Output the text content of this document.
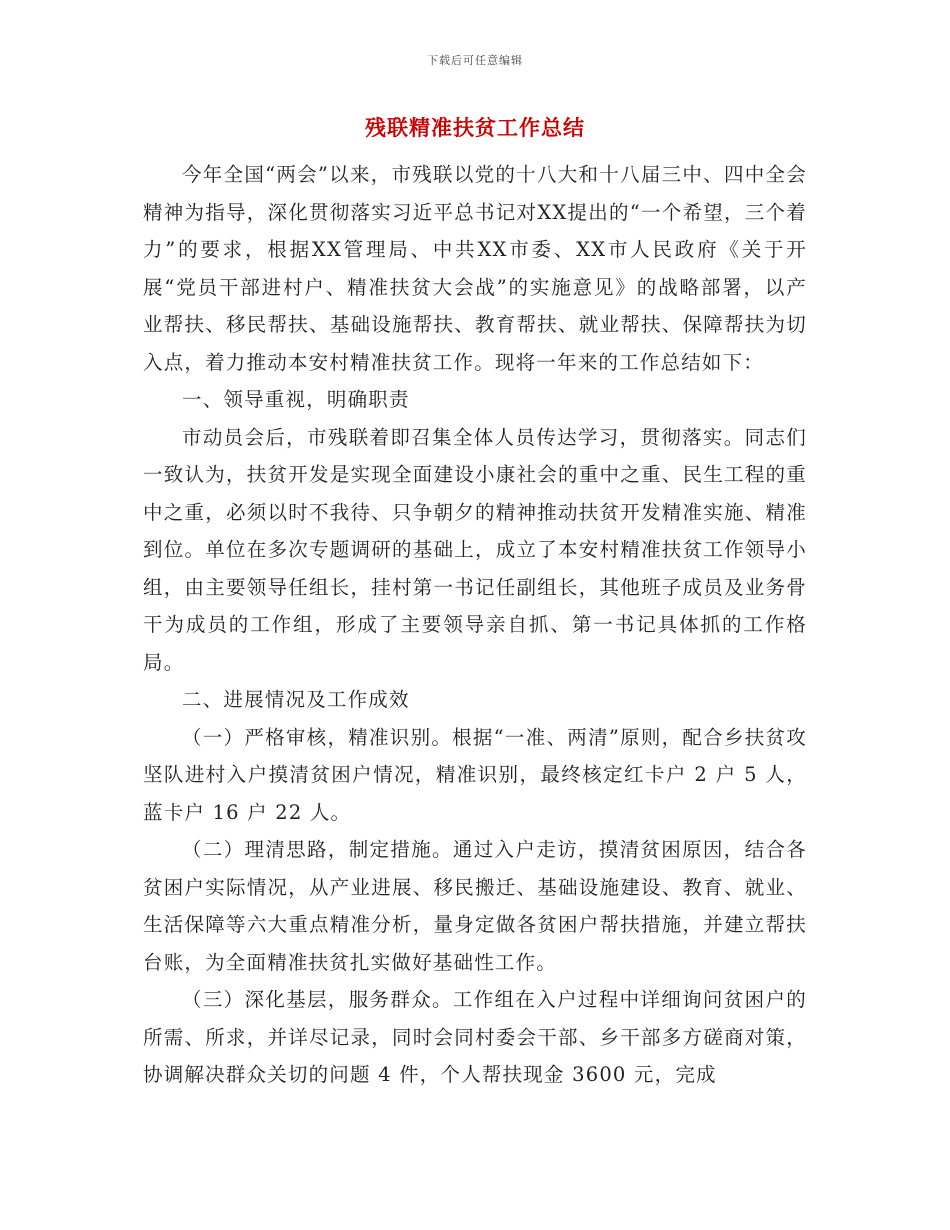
下载后可任意编辑
残联精准扶贫工作总结

今年全国“两会”以来，市残联以党的十八大和十八届三中、四中全会精神为指导，深化贯彻落实习近平总书记对XX提出的“一个希望，三个着力”的要求，根据XX管理局、中共XX市委、XX市人民政府《关于开展“党员干部进村户、精准扶贫大会战”的实施意见》的战略部署，以产业帮扶、移民帮扶、基础设施帮扶、教育帮扶、就业帮扶、保障帮扶为切入点，着力推动本安村精准扶贫工作。现将一年来的工作总结如下：

一、领导重视，明确职责

市动员会后，市残联着即召集全体人员传达学习，贯彻落实。同志们一致认为，扶贫开发是实现全面建设小康社会的重中之重、民生工程的重中之重，必须以时不我待、只争朝夕的精神推动扶贫开发精准实施、精准到位。单位在多次专题调研的基础上，成立了本安村精准扶贫工作领导小组，由主要领导任组长，挂村第一书记任副组长，其他班子成员及业务骨干为成员的工作组，形成了主要领导亲自抓、第一书记具体抓的工作格局。

二、进展情况及工作成效

（一）严格审核，精准识别。根据“一准、两清”原则，配合乡扶贫攻坚队进村入户摸清贫困户情况，精准识别，最终核定红卡户 2 户 5 人，蓝卡户 16 户 22 人。

（二）理清思路，制定措施。通过入户走访，摸清贫困原因，结合各贫困户实际情况，从产业进展、移民搬迁、基础设施建设、教育、就业、生活保障等六大重点精准分析，量身定做各贫困户帮扶措施，并建立帮扶台账，为全面精准扶贫扎实做好基础性工作。

（三）深化基层，服务群众。工作组在入户过程中详细询问贫困户的所需、所求，并详尽记录，同时会同村委会干部、乡干部多方磋商对策，协调解决群众关切的问题 4 件，个人帮扶现金 3600 元，完成
